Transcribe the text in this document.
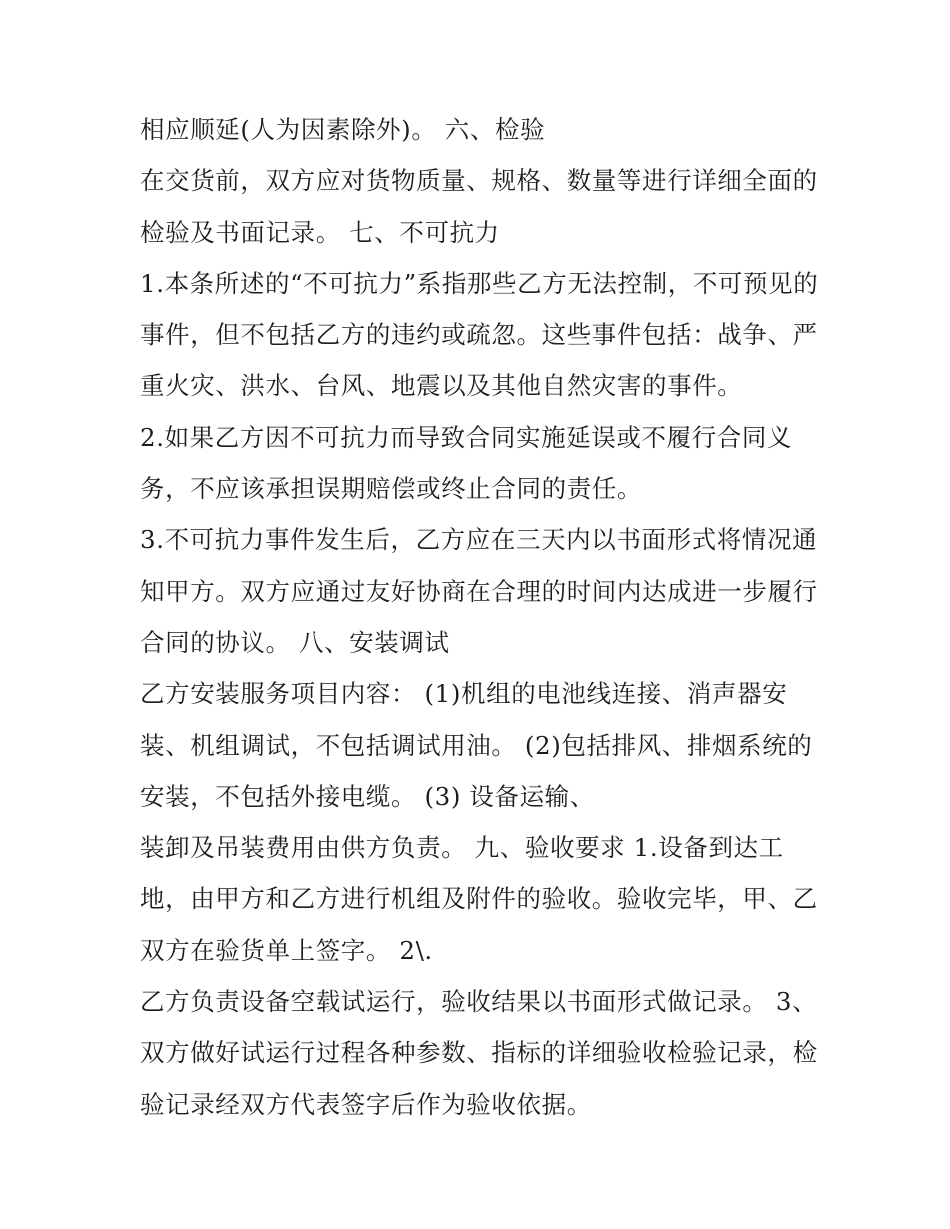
相应顺延(人为因素除外)。 六、检验
在交货前，双方应对货物质量、规格、数量等进行详细全面的
检验及书面记录。 七、不可抗力
1.本条所述的“不可抗力”系指那些乙方无法控制，不可预见的
事件，但不包括乙方的违约或疏忽。这些事件包括：战争、严
重火灾、洪水、台风、地震以及其他自然灾害的事件。
2.如果乙方因不可抗力而导致合同实施延误或不履行合同义
务，不应该承担误期赔偿或终止合同的责任。
3.不可抗力事件发生后，乙方应在三天内以书面形式将情况通
知甲方。双方应通过友好协商在合理的时间内达成进一步履行
合同的协议。 八、安装调试
乙方安装服务项目内容： (1)机组的电池线连接、消声器安
装、机组调试，不包括调试用油。 (2)包括排风、排烟系统的
安装，不包括外接电缆。 (3) 设备运输、
装卸及吊装费用由供方负责。 九、验收要求 1.设备到达工
地，由甲方和乙方进行机组及附件的验收。验收完毕，甲、乙
双方在验货单上签字。 2\.
乙方负责设备空载试运行，验收结果以书面形式做记录。 3、
双方做好试运行过程各种参数、指标的详细验收检验记录，检
验记录经双方代表签字后作为验收依据。
